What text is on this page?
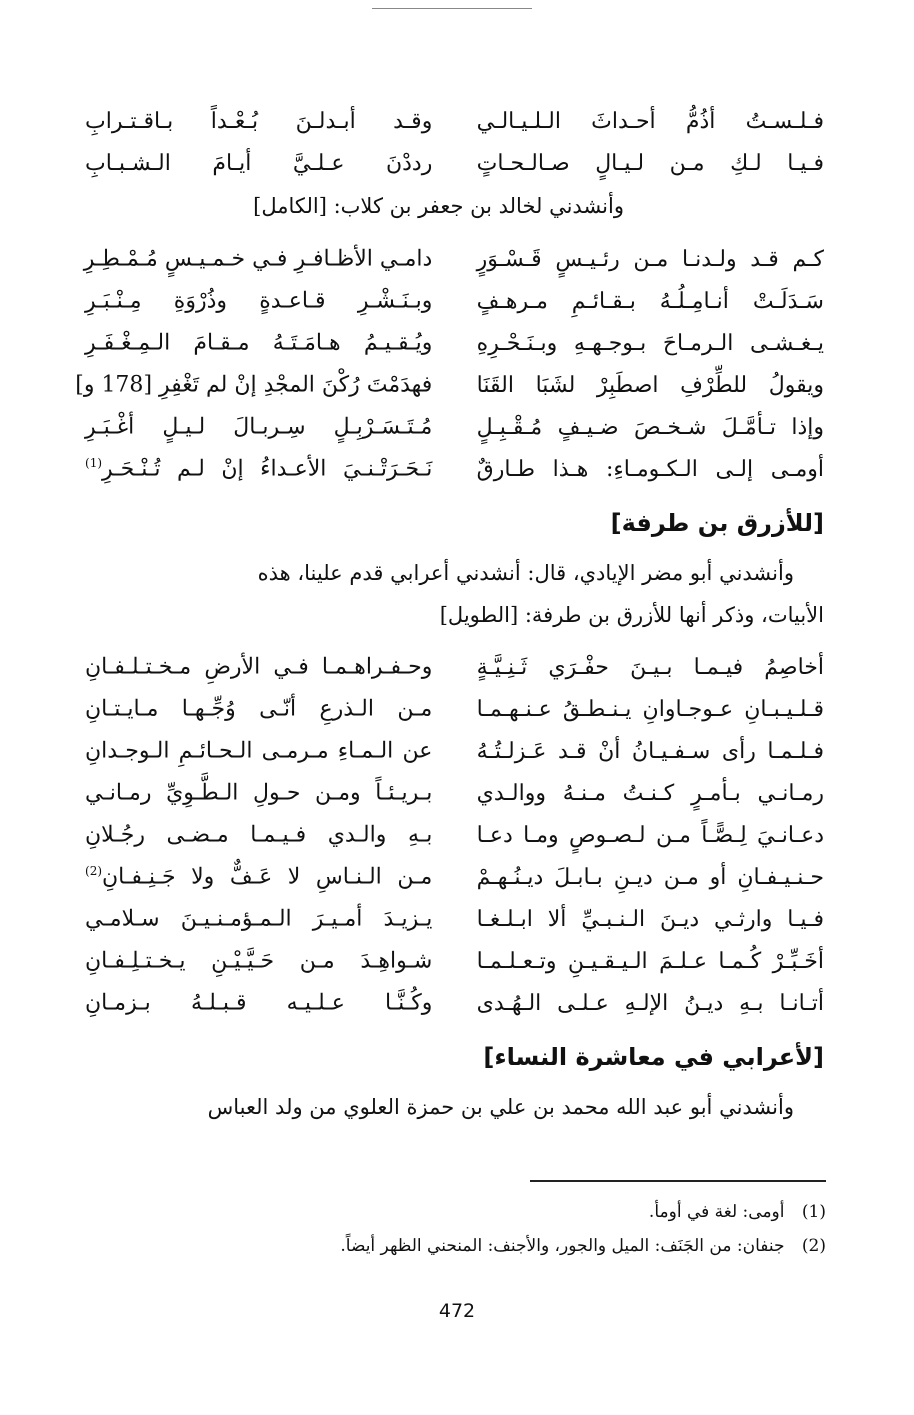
فـلـسـتُ أذُمُّ أحـداثَ الـلـيـالـي
وقـد أبـدلـنَ بُـعْـداً بـاقـتـرابِ
فـيـا لـكِ مـن لـيـالٍ صـالـحـاتٍ
رددْنَ عـلـيَّ أيـامَ الـشـبـابِ
وأنشدني لخالد بن جعفر بن كلاب: [الكامل]
كـم قـد ولـدنـا مـن رئـيـسٍ قَـسْـوَرٍ
دامـي الأظـافـرِ فـي خـمـيـسٍ مُـمْـطِـرِ
سَـدَلَـتْ أنـامِـلُـهُ بـقـائـمِ مـرهـفٍ
وبـنَـشْـرِ قـاعـدةٍ وذُرْوَةِ مِـنْـبَـرِ
يـغـشـى الـرمـاحَ بـوجـهـهِ وبـنَـحْـرِهِ
ويُـقـيـمُ هـامَـتَـهُ مـقـامَ الـمِـغْـفَـرِ
ويقولُ للطِّرْفِ اصطَبِرْ لشَبَا القَنَا
فهدَمْتَ رُكْنَ المجْدِ إنْ لم تَغْفِرِ [178 و]
وإذا تـأمَّـلَ شـخـصَ ضـيـفٍ مُـقْـبِـلٍ
مُـتَـسَـرْبِـلٍ سِـربـالَ لـيـلٍ أغْـبَـرِ
أومـى إلـى الـكـومـاءِ: هـذا طـارقٌ
نَـحَـرَتْـنـيَ الأعـداءُ إنْ لـم تُـنْـحَـرِ$^{(1)}$
[للأزرق بن طرفة]
وأنشدني أبو مضر الإيادي، قال: أنشدني أعرابي قدم علينا، هذه
الأبيات، وذكر أنها للأزرق بن طرفة: [الطويل]
أخاصِمُ فيـمـا بـيـنَ حفْـرَي ثَـنِـيَّـةٍ
وحـفـراهـمـا فـي الأرضِ مـخـتـلـفـانِ
قـلـيـبـانِ عـوجـاوانِ يـنـطـقُ عـنـهـمـا
مـن الـذرعِ أنّـى وُجِّـهـا مـايـتـانِ
فـلـمـا رأى سـفـيـانُ أنْ قـد عَـزلـتُـهُ
عن الـمـاءِ مـرمـى الـحـائـمِ الـوجـدانِ
رمـانـي بـأمـرٍ كـنـتُ مـنـهُ ووالـدي
بـريـئـاً ومـن حـولِ الـطَّـوِيِّ رمـانـي
دعـانـيَ لِـصًّـاً مـن لـصـوصٍ ومـا دعـا
بـهِ والـدي فـيـمـا مـضـى رجُـلانِ
حـنـيـفـانِ أو مـن ديـنِ بـابـلَ ديـنُـهـمْ
مـن الـنـاسِ لا عَـفٌّ ولا جَـنِـفـانِ$^{(2)}$
فـيـا وارثـي ديـنَ الـنـبـيِّ ألا ابـلـغـا
يـزيـدَ أمـيـرَ الـمـؤمـنـيـنَ سـلامـي
أخَـبِّـرْ كُـمـا عـلـمَ الـيـقـيـنِ وتـعـلـمـا
شـواهِـدَ مـن حَـيَّـيْـنِ يـخـتـلِـفـانِ
أتـانـا بـهِ ديـنُ الإلـهِ عـلـى الـهُـدى
وكُـنَّـا عـلـيـه قـبـلـهُ بـزمـانِ
[لأعرابي في معاشرة النساء]
وأنشدني أبو عبد الله محمد بن علي بن حمزة العلوي من ولد العباس
(1) أومى: لغة في أومأ.
(2) جنفان: من الجَنَف: الميل والجور، والأجنف: المنحني الظهر أيضاً.
472
